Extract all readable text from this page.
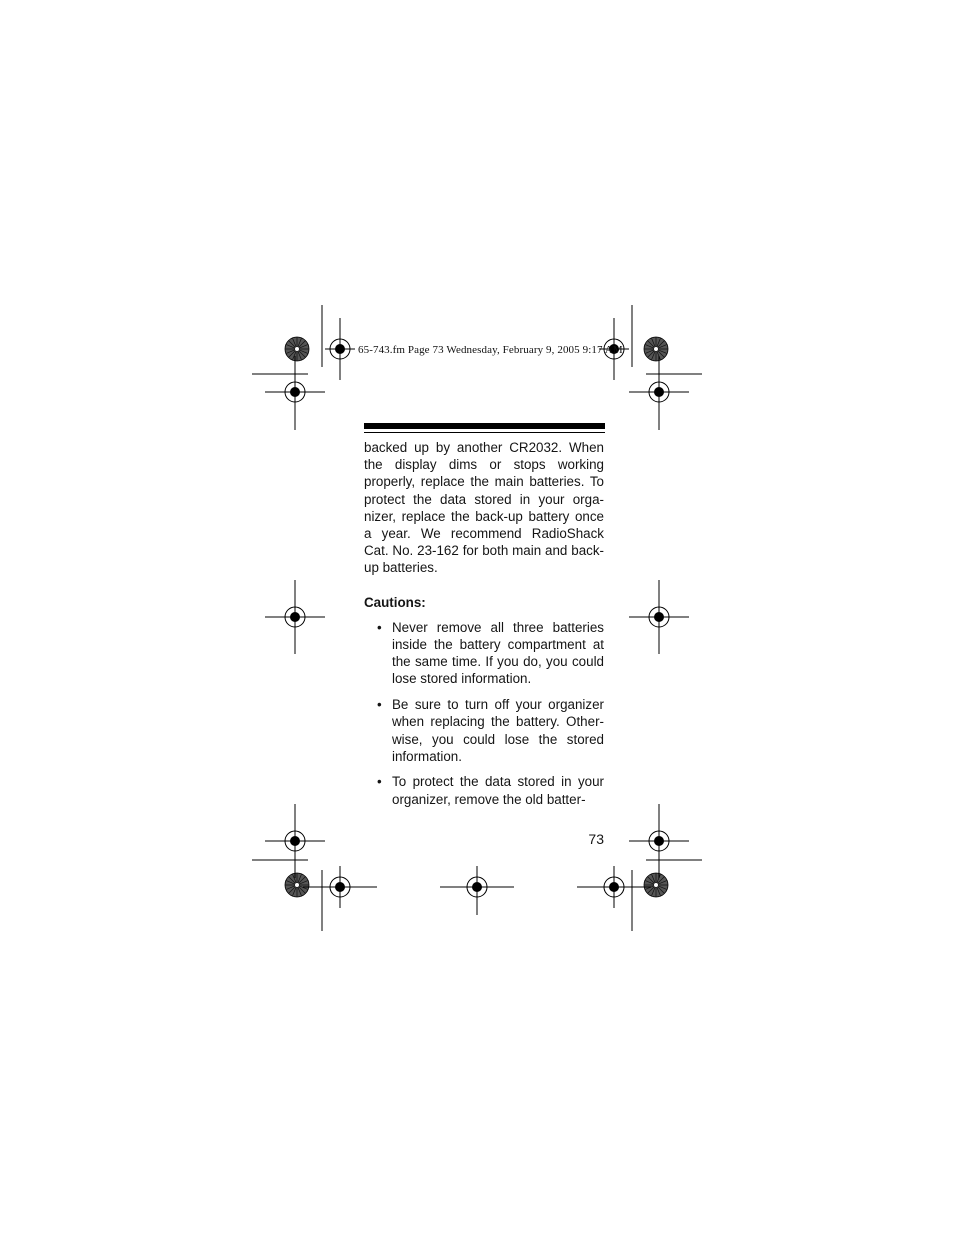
65-743.fm Page 73 Wednesday, February 9, 2005 9:17 AM

backed up by another CR2032. When the display dims or stops working properly, replace the main batteries. To protect the data stored in your orga-nizer, replace the back-up battery once a year. We recommend RadioShack Cat. No. 23-162 for both main and back-up batteries.

Cautions:

• Never remove all three batteries inside the battery compartment at the same time. If you do, you could lose stored information.
• Be sure to turn off your organizer when replacing the battery. Other-wise, you could lose the stored information.
• To protect the data stored in your organizer, remove the old batter-
73
